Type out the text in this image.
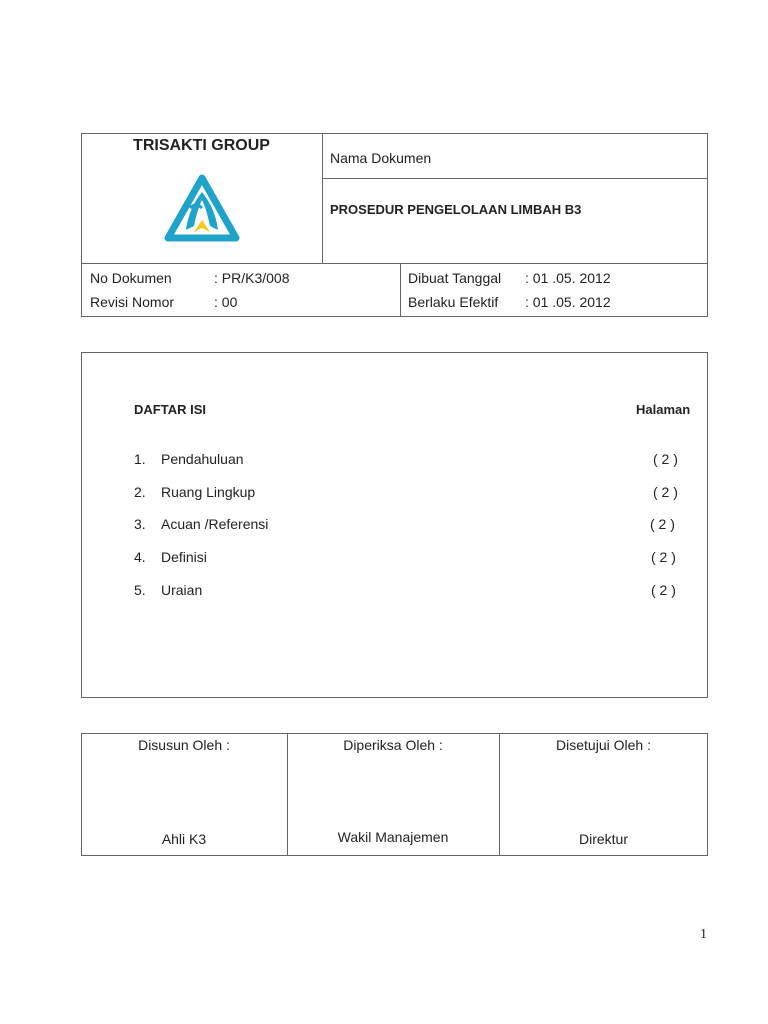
TRISAKTI GROUP
Nama Dokumen
PROSEDUR PENGELOLAAN LIMBAH B3
No Dokumen	: PR/K3/008
Revisi Nomor	: 00
Dibuat Tanggal : 01 .05. 2012
Berlaku Efektif : 01 .05. 2012
DAFTAR ISI	Halaman
1. Pendahuluan	( 2 )
2. Ruang Lingkup	( 2 )
3. Acuan /Referensi	( 2 )
4. Definisi	( 2 )
5. Uraian	( 2 )
Disusun Oleh :	Diperiksa Oleh :	Disetujui Oleh :
Ahli K3	Wakil Manajemen	Direktur
1
